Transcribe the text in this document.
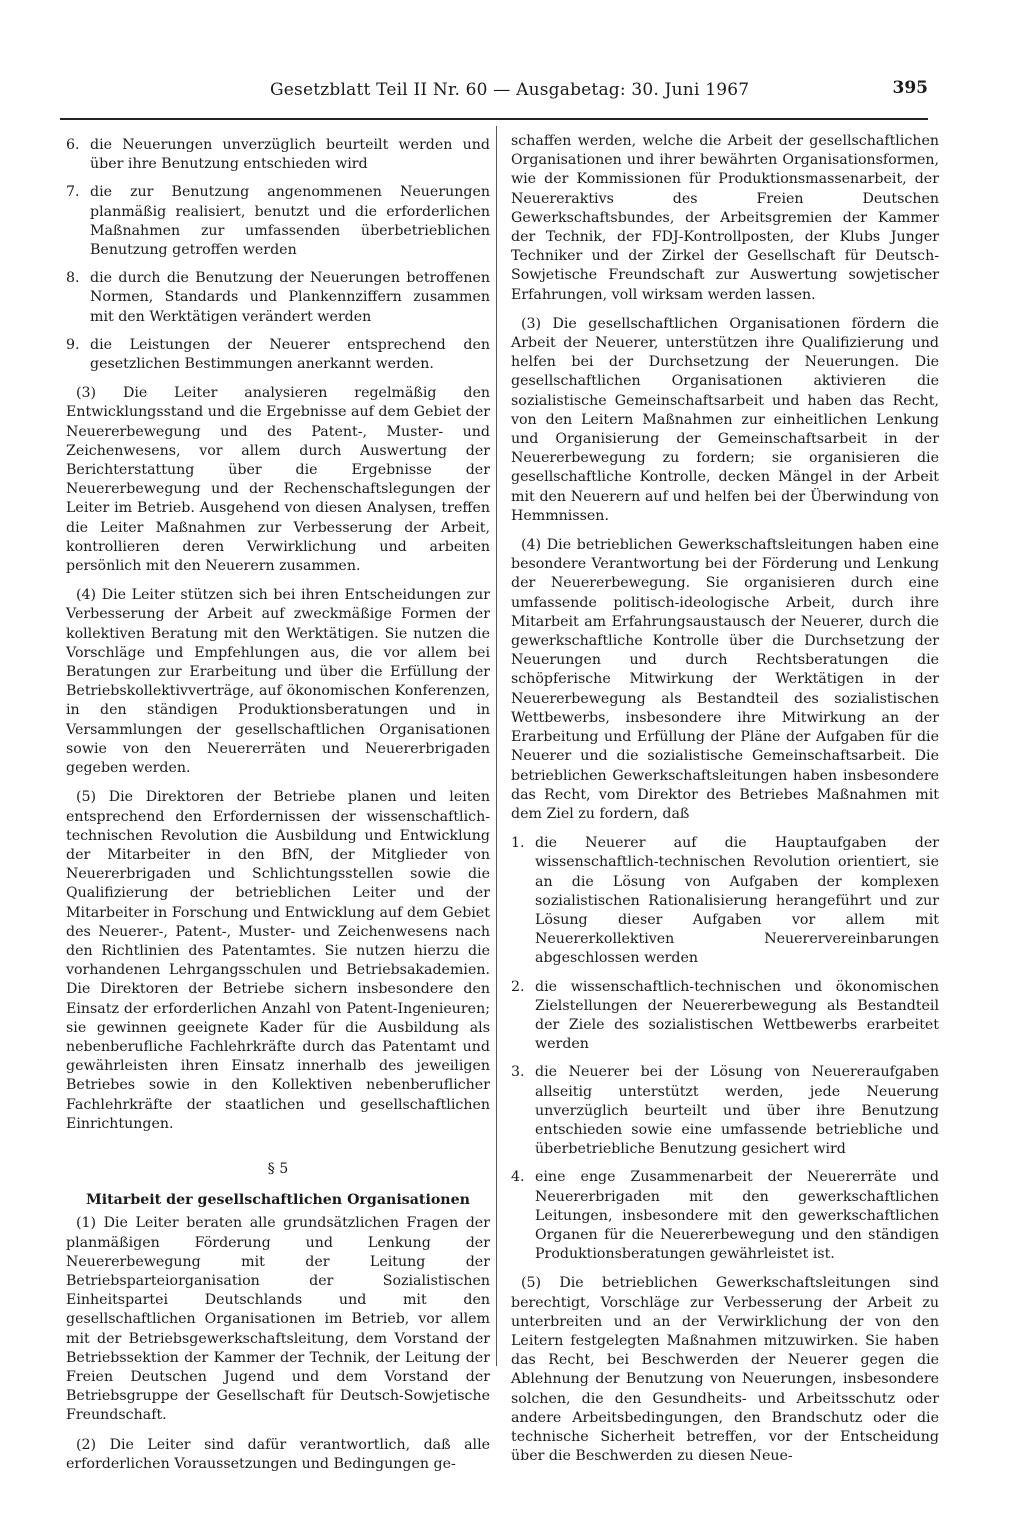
Gesetzblatt Teil II Nr. 60 — Ausgabetag: 30. Juni 1967	395
6. die Neuerungen unverzüglich beurteilt werden und über ihre Benutzung entschieden wird
7. die zur Benutzung angenommenen Neuerungen planmäßig realisiert, benutzt und die erforderlichen Maßnahmen zur umfassenden überbetrieblichen Benutzung getroffen werden
8. die durch die Benutzung der Neuerungen betroffenen Normen, Standards und Plankennziffern zusammen mit den Werktätigen verändert werden
9. die Leistungen der Neuerer entsprechend den gesetzlichen Bestimmungen anerkannt werden.

(3) Die Leiter analysieren regelmäßig den Entwicklungsstand und die Ergebnisse auf dem Gebiet der Neuererbewegung und des Patent-, Muster- und Zeichenwesens, vor allem durch Auswertung der Berichterstattung über die Ergebnisse der Neuererbewegung und der Rechenschaftslegungen der Leiter im Betrieb. Ausgehend von diesen Analysen, treffen die Leiter Maßnahmen zur Verbesserung der Arbeit, kontrollieren deren Verwirklichung und arbeiten persönlich mit den Neuerern zusammen.

(4) Die Leiter stützen sich bei ihren Entscheidungen zur Verbesserung der Arbeit auf zweckmäßige Formen der kollektiven Beratung mit den Werktätigen. Sie nutzen die Vorschläge und Empfehlungen aus, die vor allem bei Beratungen zur Erarbeitung und über die Erfüllung der Betriebskollektivverträge, auf ökonomischen Konferenzen, in den ständigen Produktionsberatungen und in Versammlungen der gesellschaftlichen Organisationen sowie von den Neuererräten und Neuererbrigaden gegeben werden.

(5) Die Direktoren der Betriebe planen und leiten entsprechend den Erfordernissen der wissenschaftlich-technischen Revolution die Ausbildung und Entwicklung der Mitarbeiter in den BfN, der Mitglieder von Neuererbrigaden und Schlichtungsstellen sowie die Qualifizierung der betrieblichen Leiter und der Mitarbeiter in Forschung und Entwicklung auf dem Gebiet des Neuerer-, Patent-, Muster- und Zeichenwesens nach den Richtlinien des Patentamtes. Sie nutzen hierzu die vorhandenen Lehrgangsschulen und Betriebsakademien. Die Direktoren der Betriebe sichern insbesondere den Einsatz der erforderlichen Anzahl von Patent-Ingenieuren; sie gewinnen geeignete Kader für die Ausbildung als nebenberufliche Fachlehrkräfte durch das Patentamt und gewährleisten ihren Einsatz innerhalb des jeweiligen Betriebes sowie in den Kollektiven nebenberuflicher Fachlehrkräfte der staatlichen und gesellschaftlichen Einrichtungen.

§ 5

Mitarbeit der gesellschaftlichen Organisationen

(1) Die Leiter beraten alle grundsätzlichen Fragen der planmäßigen Förderung und Lenkung der Neuererbewegung mit der Leitung der Betriebsparteiorganisation der Sozialistischen Einheitspartei Deutschlands und mit den gesellschaftlichen Organisationen im Betrieb, vor allem mit der Betriebsgewerkschaftsleitung, dem Vorstand der Betriebssektion der Kammer der Technik, der Leitung der Freien Deutschen Jugend und dem Vorstand der Betriebsgruppe der Gesellschaft für Deutsch-Sowjetische Freundschaft.

(2) Die Leiter sind dafür verantwortlich, daß alle erforderlichen Voraussetzungen und Bedingungen ge-

schaffen werden, welche die Arbeit der gesellschaftlichen Organisationen und ihrer bewährten Organisationsformen, wie der Kommissionen für Produktionsmassenarbeit, der Neuereraktivs des Freien Deutschen Gewerkschaftsbundes, der Arbeitsgremien der Kammer der Technik, der FDJ-Kontrollposten, der Klubs Junger Techniker und der Zirkel der Gesellschaft für Deutsch-Sowjetische Freundschaft zur Auswertung sowjetischer Erfahrungen, voll wirksam werden lassen.

(3) Die gesellschaftlichen Organisationen fördern die Arbeit der Neuerer, unterstützen ihre Qualifizierung und helfen bei der Durchsetzung der Neuerungen. Die gesellschaftlichen Organisationen aktivieren die sozialistische Gemeinschaftsarbeit und haben das Recht, von den Leitern Maßnahmen zur einheitlichen Lenkung und Organisierung der Gemeinschaftsarbeit in der Neuererbewegung zu fordern; sie organisieren die gesellschaftliche Kontrolle, decken Mängel in der Arbeit mit den Neuerern auf und helfen bei der Überwindung von Hemmnissen.

(4) Die betrieblichen Gewerkschaftsleitungen haben eine besondere Verantwortung bei der Förderung und Lenkung der Neuererbewegung. Sie organisieren durch eine umfassende politisch-ideologische Arbeit, durch ihre Mitarbeit am Erfahrungsaustausch der Neuerer, durch die gewerkschaftliche Kontrolle über die Durchsetzung der Neuerungen und durch Rechtsberatungen die schöpferische Mitwirkung der Werktätigen in der Neuererbewegung als Bestandteil des sozialistischen Wettbewerbs, insbesondere ihre Mitwirkung an der Erarbeitung und Erfüllung der Pläne der Aufgaben für die Neuerer und die sozialistische Gemeinschaftsarbeit. Die betrieblichen Gewerkschaftsleitungen haben insbesondere das Recht, vom Direktor des Betriebes Maßnahmen mit dem Ziel zu fordern, daß

1. die Neuerer auf die Hauptaufgaben der wissenschaftlich-technischen Revolution orientiert, sie an die Lösung von Aufgaben der komplexen sozialistischen Rationalisierung herangeführt und zur Lösung dieser Aufgaben vor allem mit Neuererkollektiven Neuerervereinbarungen abgeschlossen werden
2. die wissenschaftlich-technischen und ökonomischen Zielstellungen der Neuererbewegung als Bestandteil der Ziele des sozialistischen Wettbewerbs erarbeitet werden
3. die Neuerer bei der Lösung von Neuereraufgaben allseitig unterstützt werden, jede Neuerung unverzüglich beurteilt und über ihre Benutzung entschieden sowie eine umfassende betriebliche und überbetriebliche Benutzung gesichert wird
4. eine enge Zusammenarbeit der Neuererräte und Neuererbrigaden mit den gewerkschaftlichen Leitungen, insbesondere mit den gewerkschaftlichen Organen für die Neuererbewegung und den ständigen Produktionsberatungen gewährleistet ist.

(5) Die betrieblichen Gewerkschaftsleitungen sind berechtigt, Vorschläge zur Verbesserung der Arbeit zu unterbreiten und an der Verwirklichung der von den Leitern festgelegten Maßnahmen mitzuwirken. Sie haben das Recht, bei Beschwerden der Neuerer gegen die Ablehnung der Benutzung von Neuerungen, insbesondere solchen, die den Gesundheits- und Arbeitsschutz oder andere Arbeitsbedingungen, den Brandschutz oder die technische Sicherheit betreffen, vor der Entscheidung über die Beschwerden zu diesen Neue-
